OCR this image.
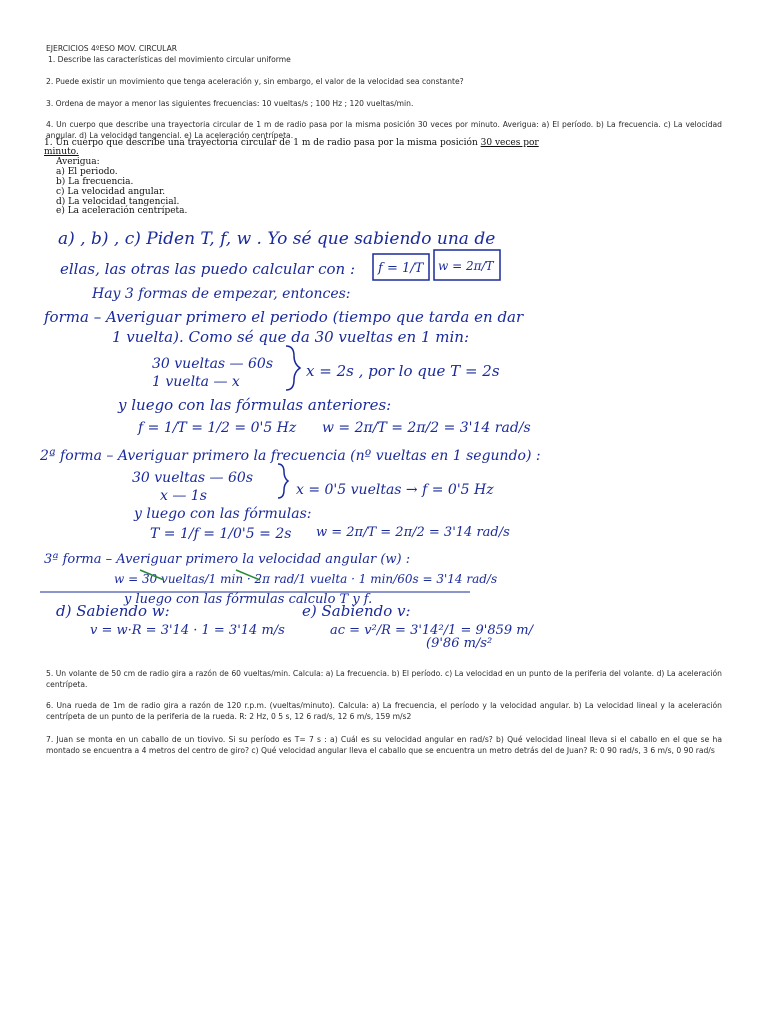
EJERCICIOS 4ºESO MOV. CIRCULAR
1. Describe las características del movimiento circular uniforme
2. Puede existir un movimiento que tenga aceleración y, sin embargo, el valor de la velocidad sea constante?
3. Ordena de mayor a menor las siguientes frecuencias: 10 vueltas/s ; 100 Hz ; 120 vueltas/min.
4. Un cuerpo que describe una trayectoria circular de 1 m de radio pasa por la misma posición 30 veces por minuto. Averigua: a) El período. b) La frecuencia. c) La velocidad angular. d) La velocidad tangencial. e) La aceleración centrípeta.
1. Un cuerpo que describe una trayectoria circular de 1 m de radio pasa por la misma posición 30 veces por
minuto.
Averigua:
a) El periodo.
b) La frecuencia.
c) La velocidad angular.
d) La velocidad tangencial.
e) La aceleración centrípeta.
a) , b) , c) Piden T, f, w . Yo sé que sabiendo una de
ellas, las otras las puedo calcular con : f = 1/T w = 2π/T
Hay 3 formas de empezar, entonces:
forma – Averiguar primero el periodo (tiempo que tarda en dar
1 vuelta). Como sé que da 30 vueltas en 1 min:
30 vueltas — 60s
1 vuelta — x
x = 2s , por lo que T = 2s
y luego con las fórmulas anteriores:
f = 1/T = 1/2 = 0'5 Hz w = 2π/T = 2π/2 = 3'14 rad/s
2ª forma – Averiguar primero la frecuencia (nº vueltas en 1 segundo) :
30 vueltas — 60s
x — 1s	x = 0'5 vueltas → f = 0'5 Hz
y luego con las fórmulas:
T = 1/f = 1/0'5 = 2s w = 2π/T = 2π/2 = 3'14 rad/s
3ª forma – Averiguar primero la velocidad angular (w) :
w = 30 vueltas/1 min · 2π rad/1 vuelta · 1 min/60s = 3'14 rad/s
y luego con las fórmulas calculo T y f.
d) Sabiendo w:	e) Sabiendo v:
v = w·R = 3'14 · 1 = 3'14 m/s	ac = v²/R = 3'14²/1 = 9'859 m/
(9'86 m/s²
5. Un volante de 50 cm de radio gira a razón de 60 vueltas/min. Calcula: a) La frecuencia. b) El período. c) La velocidad en un punto de la periferia del volante. d) La aceleración centrípeta.
6. Una rueda de 1m de radio gira a razón de 120 r.p.m. (vueltas/minuto). Calcula: a) La frecuencia, el período y la velocidad angular. b) La velocidad lineal y la aceleración centrípeta de un punto de la periferia de la rueda. R: 2 Hz, 0 5 s, 12 6 rad/s, 12 6 m/s, 159 m/s2
7. Juan se monta en un caballo de un tiovivo. Si su período es T= 7 s : a) Cuál es su velocidad angular en rad/s? b) Qué velocidad lineal lleva si el caballo en el que se ha montado se encuentra a 4 metros del centro de giro? c) Qué velocidad angular lleva el caballo que se encuentra un metro detrás del de Juan? R: 0 90 rad/s, 3 6 m/s, 0 90 rad/s
